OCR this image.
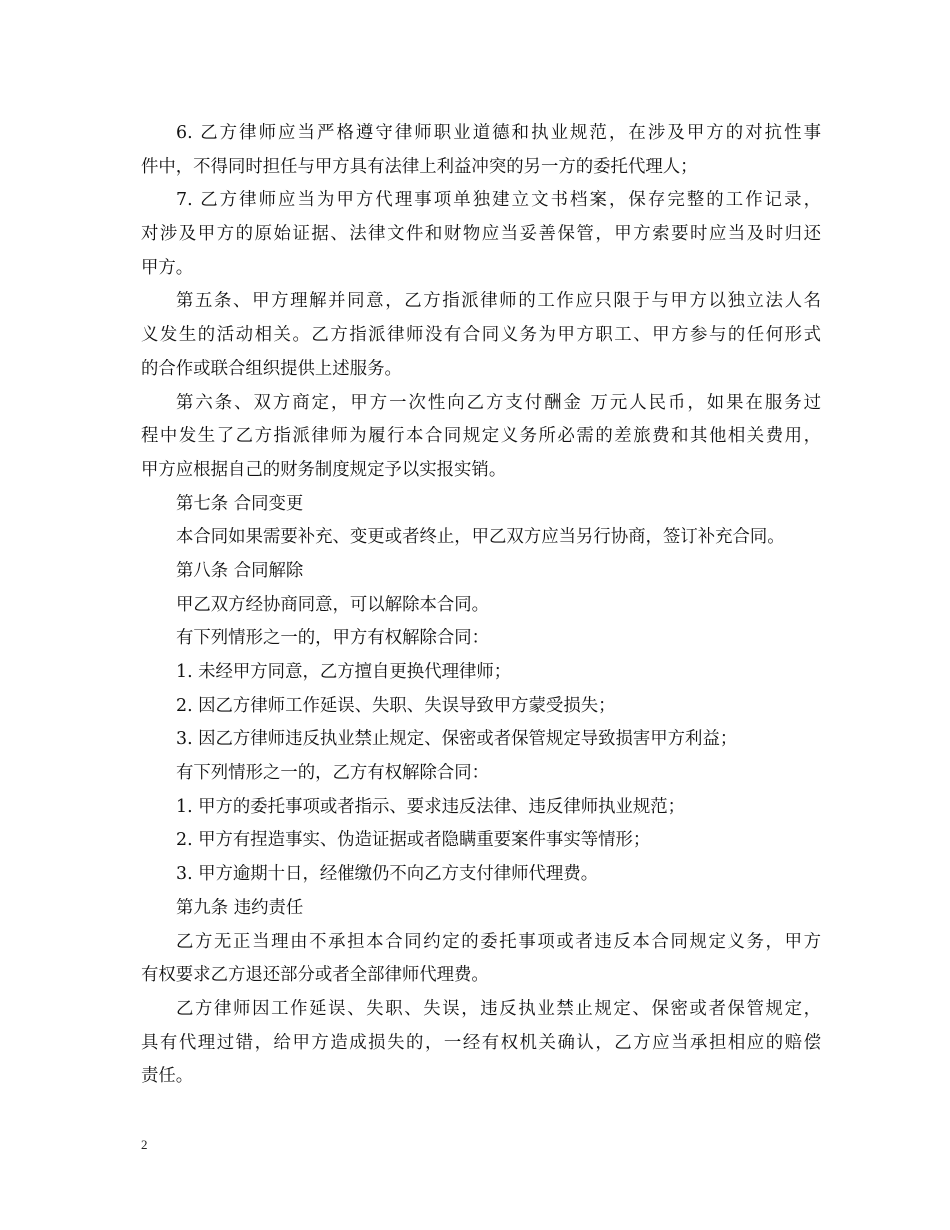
6. 乙方律师应当严格遵守律师职业道德和执业规范，在涉及甲方的对抗性事
件中，不得同时担任与甲方具有法律上利益冲突的另一方的委托代理人；
7. 乙方律师应当为甲方代理事项单独建立文书档案，保存完整的工作记录，
对涉及甲方的原始证据、法律文件和财物应当妥善保管，甲方索要时应当及时归还
甲方。
第五条、甲方理解并同意，乙方指派律师的工作应只限于与甲方以独立法人名
义发生的活动相关。乙方指派律师没有合同义务为甲方职工、甲方参与的任何形式
的合作或联合组织提供上述服务。
第六条、双方商定，甲方一次性向乙方支付酬金 万元人民币，如果在服务过
程中发生了乙方指派律师为履行本合同规定义务所必需的差旅费和其他相关费用，
甲方应根据自己的财务制度规定予以实报实销。
第七条 合同变更
本合同如果需要补充、变更或者终止，甲乙双方应当另行协商，签订补充合同。
第八条 合同解除
甲乙双方经协商同意，可以解除本合同。
有下列情形之一的，甲方有权解除合同：
1. 未经甲方同意，乙方擅自更换代理律师；
2. 因乙方律师工作延误、失职、失误导致甲方蒙受损失；
3. 因乙方律师违反执业禁止规定、保密或者保管规定导致损害甲方利益；
有下列情形之一的，乙方有权解除合同：
1. 甲方的委托事项或者指示、要求违反法律、违反律师执业规范；
2. 甲方有捏造事实、伪造证据或者隐瞒重要案件事实等情形；
3. 甲方逾期十日，经催缴仍不向乙方支付律师代理费。
第九条 违约责任
乙方无正当理由不承担本合同约定的委托事项或者违反本合同规定义务，甲方
有权要求乙方退还部分或者全部律师代理费。
乙方律师因工作延误、失职、失误，违反执业禁止规定、保密或者保管规定，
具有代理过错，给甲方造成损失的，一经有权机关确认，乙方应当承担相应的赔偿
责任。
2
